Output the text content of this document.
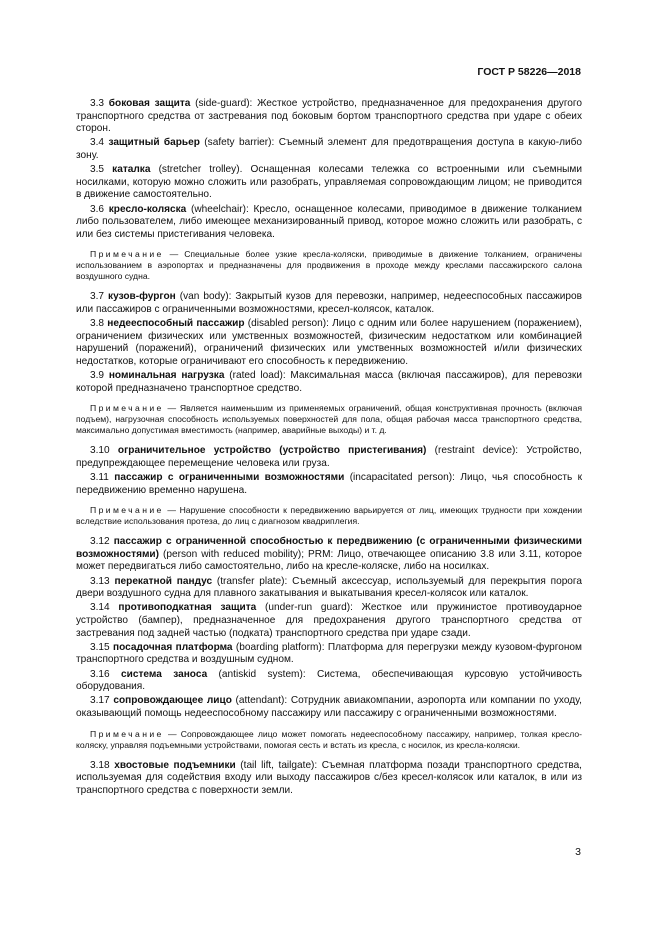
ГОСТ Р 58226—2018

3.3 боковая защита (side-guard): Жесткое устройство, предназначенное для предохранения другого транспортного средства от застревания под боковым бортом транспортного средства при ударе с обеих сторон.

3.4 защитный барьер (safety barrier): Съемный элемент для предотвращения доступа в какую-либо зону.

3.5 каталка (stretcher trolley). Оснащенная колесами тележка со встроенными или съемными носилками, которую можно сложить или разобрать, управляемая сопровождающим лицом; не приводится в движение самостоятельно.

3.6 кресло-коляска (wheelchair): Кресло, оснащенное колесами, приводимое в движение толканием либо пользователем, либо имеющее механизированный привод, которое можно сложить или разобрать, с или без системы пристегивания человека.

Примечание — Специальные более узкие кресла-коляски, приводимые в движение толканием, ограничены использованием в аэропортах и предназначены для продвижения в проходе между креслами пассажирского салона воздушного судна.

3.7 кузов-фургон (van body): Закрытый кузов для перевозки, например, недееспособных пассажиров или пассажиров с ограниченными возможностями, кресел-колясок, каталок.

3.8 недееспособный пассажир (disabled person): Лицо с одним или более нарушением (поражением), ограничением физических или умственных возможностей, физическим недостатком или комбинацией нарушений (поражений), ограничений физических или умственных возможностей и/или физических недостатков, которые ограничивают его способность к передвижению.

3.9 номинальная нагрузка (rated load): Максимальная масса (включая пассажиров), для перевозки которой предназначено транспортное средство.

Примечание — Является наименьшим из применяемых ограничений, общая конструктивная прочность (включая подъем), нагрузочная способность используемых поверхностей для пола, общая рабочая масса транспортного средства, максимально допустимая вместимость (например, аварийные выходы) и т. д.

3.10 ограничительное устройство (устройство пристегивания) (restraint device): Устройство, предупреждающее перемещение человека или груза.

3.11 пассажир с ограниченными возможностями (incapacitated person): Лицо, чья способность к передвижению временно нарушена.

Примечание — Нарушение способности к передвижению варьируется от лиц, имеющих трудности при хождении вследствие использования протеза, до лиц с диагнозом квадриплегия.

3.12 пассажир с ограниченной способностью к передвижению (с ограниченными физическими возможностями) (person with reduced mobility); PRM: Лицо, отвечающее описанию 3.8 или 3.11, которое может передвигаться либо самостоятельно, либо на кресле-коляске, либо на носилках.

3.13 перекатной пандус (transfer plate): Съемный аксессуар, используемый для перекрытия порога двери воздушного судна для плавного закатывания и выкатывания кресел-колясок или каталок.

3.14 противоподкатная защита (under-run guard): Жесткое или пружинистое противоударное устройство (бампер), предназначенное для предохранения другого транспортного средства от застревания под задней частью (подката) транспортного средства при ударе сзади.

3.15 посадочная платформа (boarding platform): Платформа для перегрузки между кузовом-фургоном транспортного средства и воздушным судном.

3.16 система заноса (antiskid system): Система, обеспечивающая курсовую устойчивость оборудования.

3.17 сопровождающее лицо (attendant): Сотрудник авиакомпании, аэропорта или компании по уходу, оказывающий помощь недееспособному пассажиру или пассажиру с ограниченными возможностями.

Примечание — Сопровождающее лицо может помогать недееспособному пассажиру, например, толкая кресло-коляску, управляя подъемными устройствами, помогая сесть и встать из кресла, с носилок, из кресла-коляски.

3.18 хвостовые подъемники (tail lift, tailgate): Съемная платформа позади транспортного средства, используемая для содействия входу или выходу пассажиров с/без кресел-колясок или каталок, в или из транспортного средства с поверхности земли.

3
